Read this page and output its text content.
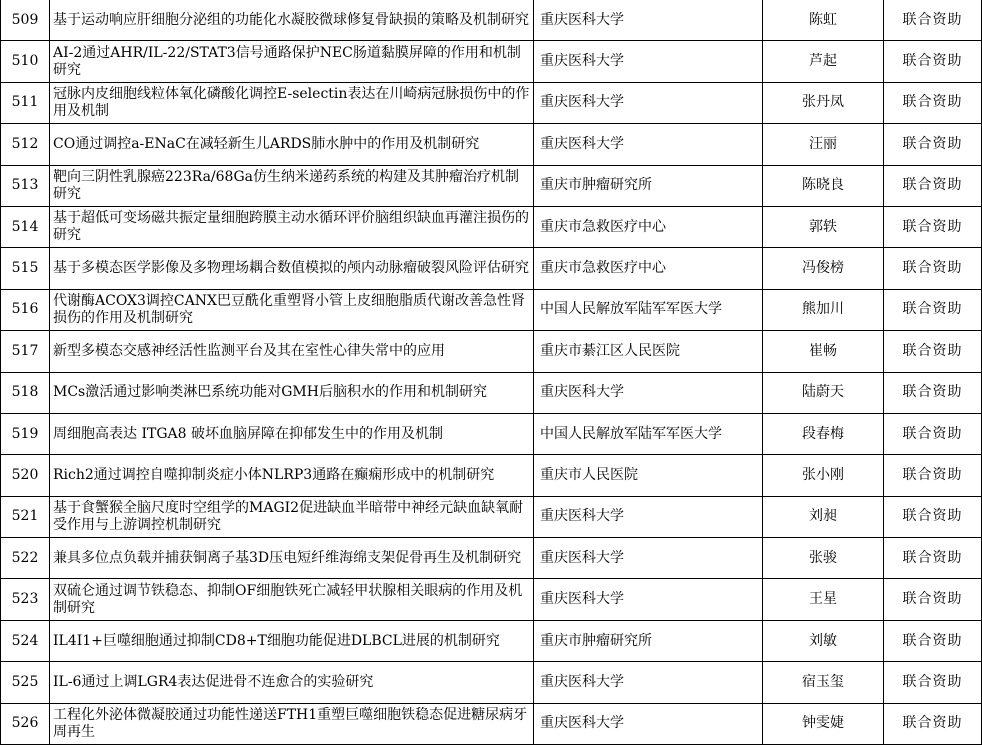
509	基于运动响应肝细胞分泌组的功能化水凝胶微球修复骨缺损的策略及机制研究	重庆医科大学	陈虹	联合资助
510	AI-2通过AHR/IL-22/STAT3信号通路保护NEC肠道黏膜屏障的作用和机制研究	重庆医科大学	芦起	联合资助
511	冠脉内皮细胞线粒体氧化磷酸化调控E-selectin表达在川崎病冠脉损伤中的作用及机制	重庆医科大学	张丹凤	联合资助
512	CO通过调控a-ENaC在减轻新生儿ARDS肺水肿中的作用及机制研究	重庆医科大学	汪丽	联合资助
513	靶向三阴性乳腺癌223Ra/68Ga仿生纳米递药系统的构建及其肿瘤治疗机制研究	重庆市肿瘤研究所	陈晓良	联合资助
514	基于超低可变场磁共振定量细胞跨膜主动水循环评价脑组织缺血再灌注损伤的研究	重庆市急救医疗中心	郭轶	联合资助
515	基于多模态医学影像及多物理场耦合数值模拟的颅内动脉瘤破裂风险评估研究	重庆市急救医疗中心	冯俊榜	联合资助
516	代谢酶ACOX3调控CANX巴豆酰化重塑肾小管上皮细胞脂质代谢改善急性肾损伤的作用及机制研究	中国人民解放军陆军军医大学	熊加川	联合资助
517	新型多模态交感神经活性监测平台及其在室性心律失常中的应用	重庆市綦江区人民医院	崔畅	联合资助
518	MCs激活通过影响类淋巴系统功能对GMH后脑积水的作用和机制研究	重庆医科大学	陆蔚天	联合资助
519	周细胞高表达 ITGA8 破坏血脑屏障在抑郁发生中的作用及机制	中国人民解放军陆军军医大学	段春梅	联合资助
520	Rich2通过调控自噬抑制炎症小体NLRP3通路在癫痫形成中的机制研究	重庆市人民医院	张小刚	联合资助
521	基于食蟹猴全脑尺度时空组学的MAGI2促进缺血半暗带中神经元缺血缺氧耐受作用与上游调控机制研究	重庆医科大学	刘昶	联合资助
522	兼具多位点负载并捕获铜离子基3D压电短纤维海绵支架促骨再生及机制研究	重庆医科大学	张骏	联合资助
523	双硫仑通过调节铁稳态、抑制OF细胞铁死亡减轻甲状腺相关眼病的作用及机制研究	重庆医科大学	王星	联合资助
524	IL4I1+巨噬细胞通过抑制CD8+T细胞功能促进DLBCL进展的机制研究	重庆市肿瘤研究所	刘敏	联合资助
525	IL-6通过上调LGR4表达促进骨不连愈合的实验研究	重庆医科大学	宿玉玺	联合资助
526	工程化外泌体微凝胶通过功能性递送FTH1重塑巨噬细胞铁稳态促进糖尿病牙周再生	重庆医科大学	钟雯婕	联合资助
